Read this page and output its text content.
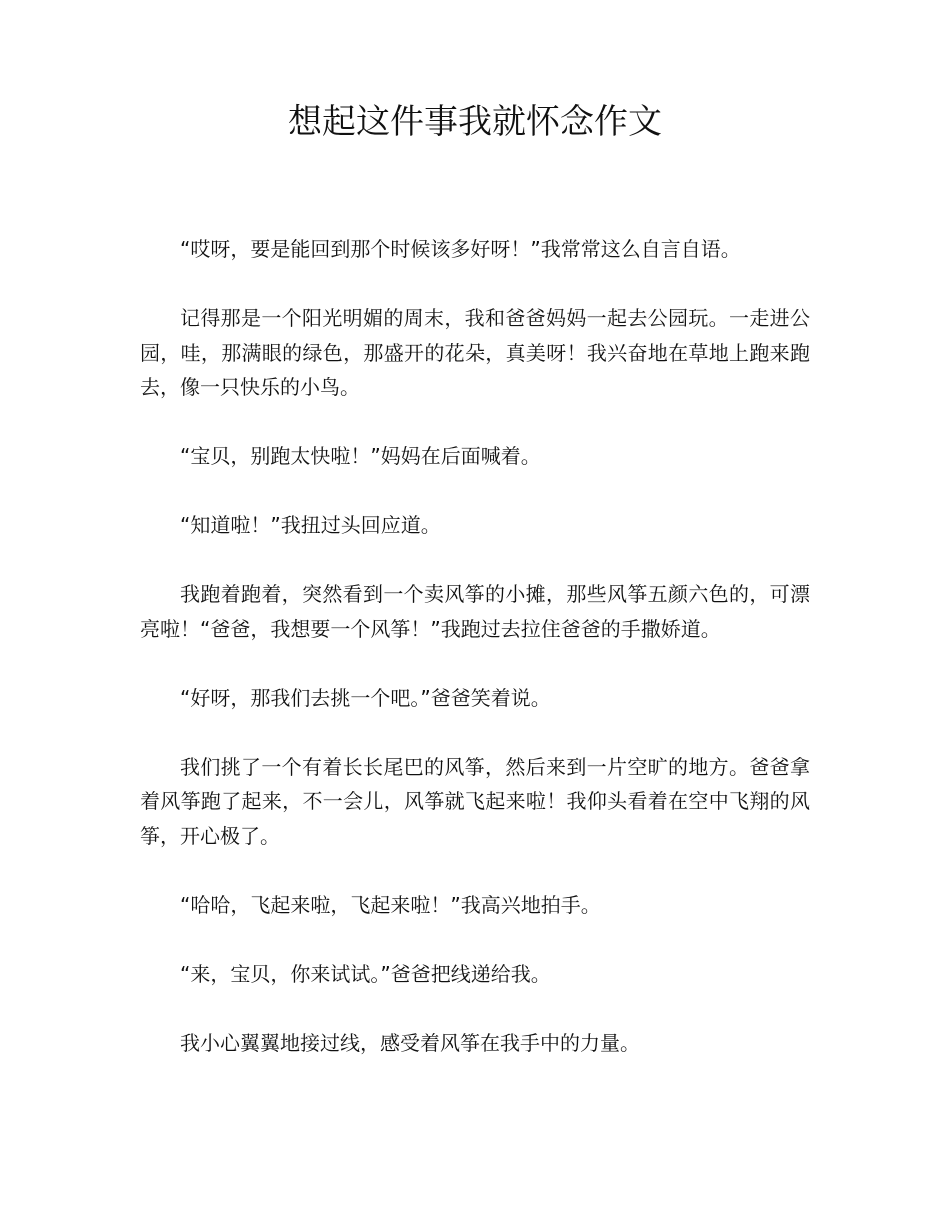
想起这件事我就怀念作文

“哎呀，要是能回到那个时候该多好呀！”我常常这么自言自语。

记得那是一个阳光明媚的周末，我和爸爸妈妈一起去公园玩。一走进公园，哇，那满眼的绿色，那盛开的花朵，真美呀！我兴奋地在草地上跑来跑去，像一只快乐的小鸟。

“宝贝，别跑太快啦！”妈妈在后面喊着。

“知道啦！”我扭过头回应道。

我跑着跑着，突然看到一个卖风筝的小摊，那些风筝五颜六色的，可漂亮啦！“爸爸，我想要一个风筝！”我跑过去拉住爸爸的手撒娇道。

“好呀，那我们去挑一个吧。”爸爸笑着说。

我们挑了一个有着长长尾巴的风筝，然后来到一片空旷的地方。爸爸拿着风筝跑了起来，不一会儿，风筝就飞起来啦！我仰头看着在空中飞翔的风筝，开心极了。

“哈哈，飞起来啦，飞起来啦！”我高兴地拍手。

“来，宝贝，你来试试。”爸爸把线递给我。

我小心翼翼地接过线，感受着风筝在我手中的力量。
